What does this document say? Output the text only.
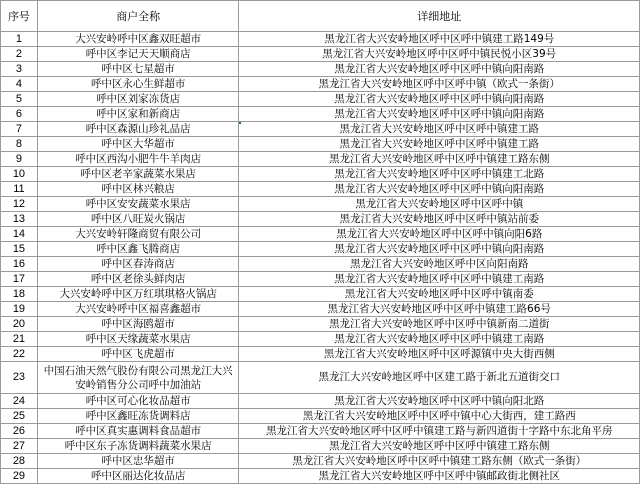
序号	商户全称	详细地址
1	大兴安岭呼中区鑫双旺超市	黑龙江省大兴安岭地区呼中区呼中镇建工路149号
2	呼中区李记天天顺商店	黑龙江省大兴安岭地区呼中区呼中镇民悦小区39号
3	呼中区七星超市	黑龙江省大兴安岭地区呼中区呼中镇向阳南路
4	呼中区永心生鲜超市	黑龙江省大兴安岭地区呼中区呼中镇（欧式一条街）
5	呼中区刘家冻货店	黑龙江省大兴安岭地区呼中区呼中镇向阳南路
6	呼中区家和新商店	黑龙江省大兴安岭地区呼中区呼中镇向阳南路
7	呼中区森源山珍礼品店	黑龙江省大兴安岭地区呼中区呼中镇建工路
8	呼中区大华超市	黑龙江省大兴安岭地区呼中区呼中镇建工路
9	呼中区西沟小肥牛牛羊肉店	黑龙江省大兴安岭地区呼中区呼中镇建工路东侧
10	呼中区老辛家蔬菜水果店	黑龙江省大兴安岭地区呼中区呼中镇建工北路
11	呼中区林兴粮店	黑龙江省大兴安岭地区呼中区呼中镇向阳南路
12	呼中区安安蔬菜水果店	黑龙江省大兴安岭地区呼中区呼中镇
13	呼中区八旺炭火锅店	黑龙江省大兴安岭地区呼中区呼中镇站前委
14	大兴安岭轩隆商贸有限公司	黑龙江省大兴安岭地区呼中区呼中镇向阳6路
15	呼中区鑫飞腾商店	黑龙江省大兴安岭地区呼中区呼中镇向阳南路
16	呼中区春涛商店	黑龙江省大兴安岭地区呼中区向阳南路
17	呼中区老徐头鲜肉店	黑龙江省大兴安岭地区呼中区呼中镇建工南路
18	大兴安岭呼中区万红琪琪格火锅店	黑龙江省大兴安岭地区呼中区呼中镇南委
19	大兴安岭呼中区福喜鑫超市	黑龙江省大兴安岭地区呼中区呼中镇建工路66号
20	呼中区海鸥超市	黑龙江省大兴安岭地区呼中区呼中镇新南二道街
21	呼中区天缘蔬菜水果店	黑龙江省大兴安岭地区呼中区呼中镇建工南路
22	呼中区飞虎超市	黑龙江省大兴安岭地区呼中区呼源镇中央大街西侧
23	中国石油天然气股份有限公司黑龙江大兴安岭销售分公司呼中加油站	黑龙江大兴安岭地区呼中区建工路于新北五道街交口
24	呼中区可心化妆品超市	黑龙江省大兴安岭地区呼中区呼中镇向阳北路
25	呼中区鑫旺冻货调料店	黑龙江省大兴安岭地区呼中区呼中镇中心大街西，建工路西
26	呼中区真实惠调料食品超市	黑龙江省大兴安岭地区呼中区呼中镇建工路与新四道街十字路中东北角平房
27	呼中区东子冻货调料蔬菜水果店	黑龙江省大兴安岭地区呼中区呼中镇建工路东侧
28	呼中区忠华超市	黑龙江省大兴安岭地区呼中区呼中镇建工路东侧（欧式一条街）
29	呼中区丽达化妆品店	黑龙江省大兴安岭地区呼中区呼中镇邮政街北侧社区
